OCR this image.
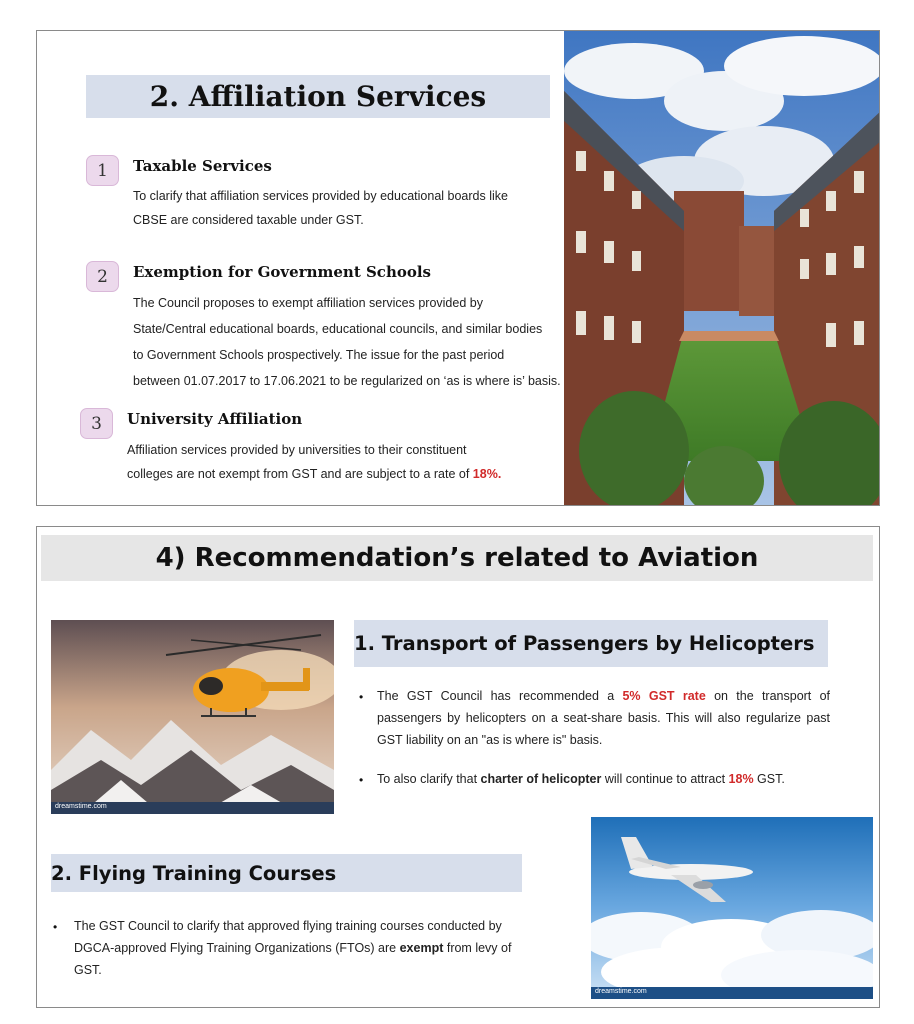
2. Affiliation Services
1	Taxable Services
To clarify that affiliation services provided by educational boards like
CBSE are considered taxable under GST.
2	Exemption for Government Schools
The Council proposes to exempt affiliation services provided by
State/Central educational boards, educational councils, and similar bodies
to Government Schools prospectively. The issue for the past period
between 01.07.2017 to 17.06.2021 to be regularized on ‘as is where is’ basis.
3	University Affiliation
Affiliation services provided by universities to their constituent
colleges are not exempt from GST and are subject to a rate of 18%.
4) Recommendation’s related to Aviation
dreamstime.com
1. Transport of Passengers by Helicopters
• The GST Council has recommended a 5% GST rate on the transport of
passengers by helicopters on a seat-share basis. This will also regularize past
GST liability on an "as is where is" basis.
• To also clarify that charter of helicopter will continue to attract 18% GST.
2. Flying Training Courses
• The GST Council to clarify that approved flying training courses conducted by
DGCA-approved Flying Training Organizations (FTOs) are exempt from levy of
GST.
dreamstime.com
